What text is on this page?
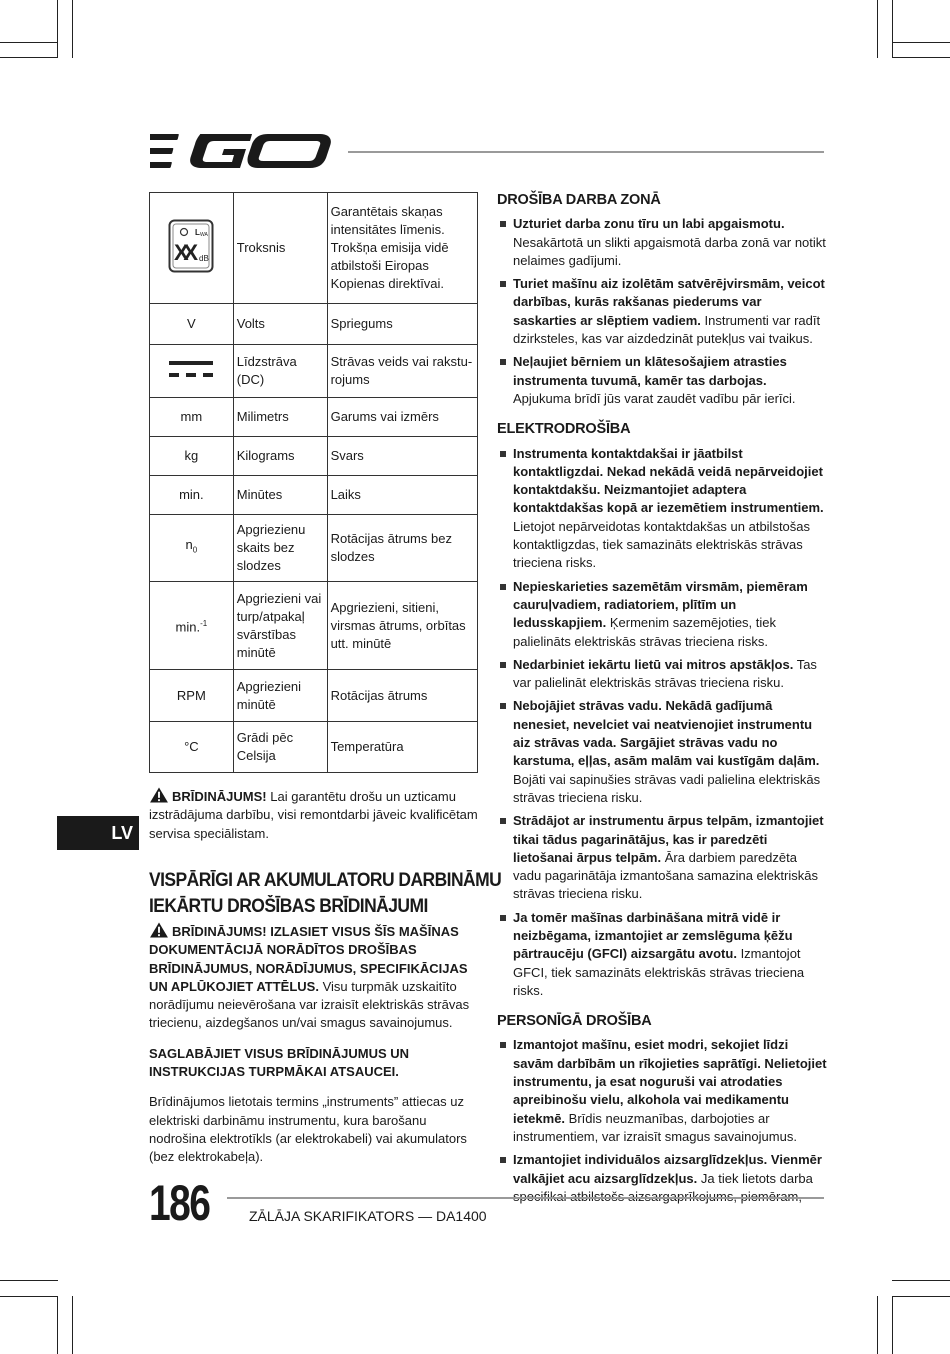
L WA
XX dB	Troksnis	Garantētais skaņas intensitātes līmenis. Trokšņa emisija vidē atbilstoši Eiropas Kopienas direktīvai.
V	Volts	Spriegums
	Līdzstrāva (DC)	Strāvas veids vai raksturojums
mm	Milimetrs	Garums vai izmērs
kg	Kilograms	Svars
min.	Minūtes	Laiks
$n_0$	Apgriezienu skaits bez slodzes	Rotācijas ātrums bez slodzes
min.$^{-1}$	Apgriezieni vai turp/atpakaļ svārstības minūtē	Apgriezieni, sitieni, virsmas ātrums, orbītas utt. minūtē
RPM	Apgriezieni minūtē	Rotācijas ātrums
°C	Grādi pēc Celsija	Temperatūra
BRĪDINĀJUMS! Lai garantētu drošu un uzticamu izstrādājuma darbību, visi remontdarbi jāveic kvalificētam servisa speciālistam.
LV
VISPĀRĪGI AR AKUMULATORU DARBINĀMU
IEKĀRTU DROŠĪBAS BRĪDINĀJUMI
BRĪDINĀJUMS! IZLASIET VISUS ŠĪS MAŠĪNAS DOKUMENTĀCIJĀ NORĀDĪTOS DROŠĪBAS BRĪDINĀJUMUS, NORĀDĪJUMUS, SPECIFIKĀCIJAS UN APLŪKOJIET ATTĒLUS. Visu turpmāk uzskaitīto norādījumu neievērošana var izraisīt elektriskās strāvas triecienu, aizdegšanos un/vai smagus savainojumus.
SAGLABĀJIET VISUS BRĪDINĀJUMUS UN INSTRUKCIJAS TURPMĀKAI ATSAUCEI.
Brīdinājumos lietotais termins „instruments” attiecas uz elektriski darbināmu instrumentu, kura barošanu nodrošina elektrotīkls (ar elektrokabeli) vai akumulators (bez elektrokabeļa).
DROŠĪBA DARBA ZONĀ
Uzturiet darba zonu tīru un labi apgaismotu. Nesakārtotā un slikti apgaismotā darba zonā var notikt nelaimes gadījumi.
Turiet mašīnu aiz izolētām satvērējvirsmām, veicot darbības, kurās rakšanas piederums var saskarties ar slēptiem vadiem. Instrumenti var radīt dzirksteles, kas var aizdedzināt putekļus vai tvaikus.
Neļaujiet bērniem un klātesošajiem atrasties instrumenta tuvumā, kamēr tas darbojas. Apjukuma brīdī jūs varat zaudēt vadību pār ierīci.
ELEKTRODROŠĪBA
Instrumenta kontaktdakšai ir jāatbilst kontaktligzdai. Nekad nekādā veidā nepārveidojiet kontaktdakšu. Neizmantojiet adaptera kontaktdakšas kopā ar iezemētiem instrumentiem. Lietojot nepārveidotas kontaktdakšas un atbilstošas kontaktligzdas, tiek samazināts elektriskās strāvas trieciena risks.
Nepieskarieties sazemētām virsmām, piemēram cauruļvadiem, radiatoriem, plītīm un ledusskapjiem. Ķermenim sazemējoties, tiek palielināts elektriskās strāvas trieciena risks.
Nedarbiniet iekārtu lietū vai mitros apstākļos. Tas var palielināt elektriskās strāvas trieciena risku.
Nebojājiet strāvas vadu. Nekādā gadījumā nenesiet, nevelciet vai neatvienojiet instrumentu aiz strāvas vada. Sargājiet strāvas vadu no karstuma, eļļas, asām malām vai kustīgām daļām. Bojāti vai sapinušies strāvas vadi palielina elektriskās strāvas trieciena risku.
Strādājot ar instrumentu ārpus telpām, izmantojiet tikai tādus pagarinātājus, kas ir paredzēti lietošanai ārpus telpām. Āra darbiem paredzēta vadu pagarinātāja izmantošana samazina elektriskās strāvas trieciena risku.
Ja tomēr mašīnas darbināšana mitrā vidē ir neizbēgama, izmantojiet ar zemslēguma ķēžu pārtraucēju (GFCI) aizsargātu avotu. Izmantojot GFCI, tiek samazināts elektriskās strāvas trieciena risks.
PERSONĪGĀ DROŠĪBA
Izmantojot mašīnu, esiet modri, sekojiet līdzi savām darbībām un rīkojieties saprātīgi. Nelietojiet instrumentu, ja esat noguruši vai atrodaties apreibinošu vielu, alkohola vai medikamentu ietekmē. Brīdis neuzmanības, darbojoties ar instrumentiem, var izraisīt smagus savainojumus.
Izmantojiet individuālos aizsarglīdzekļus. Vienmēr valkājiet acu aizsarglīdzekļus. Ja tiek lietots darba
186	ZĀLĀJA SKARIFIKATORS — DA1400
